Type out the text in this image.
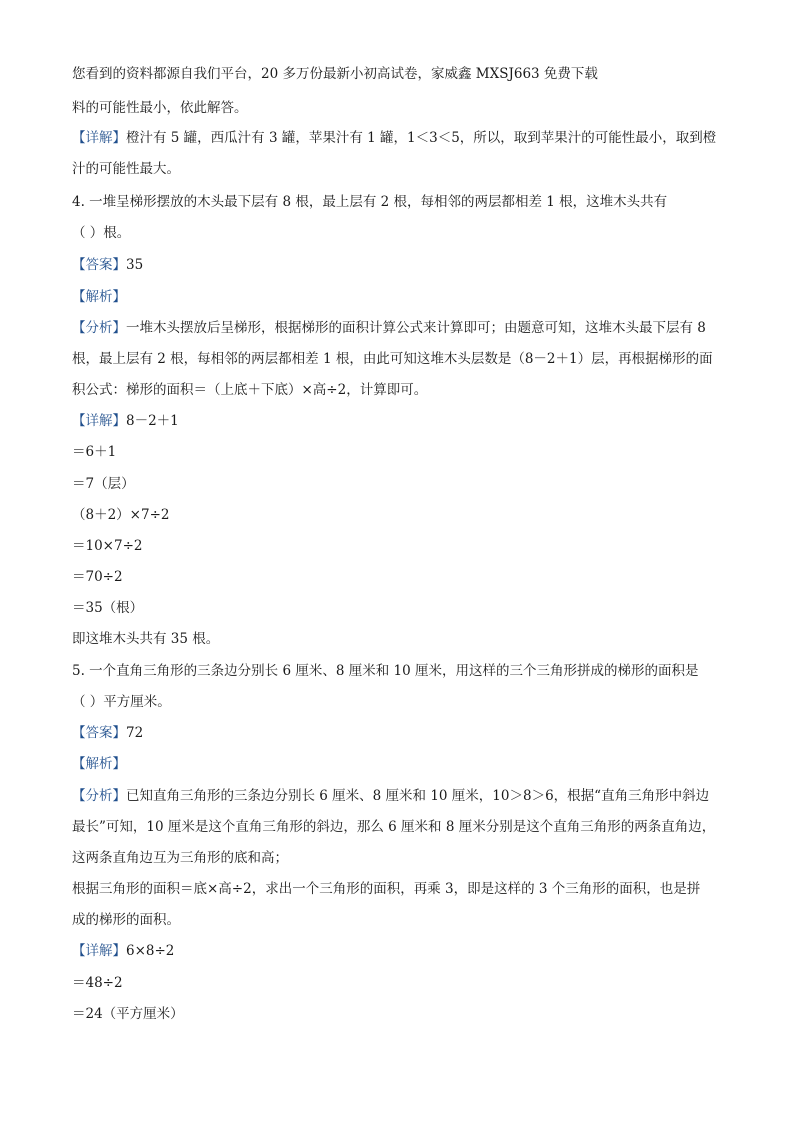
您看到的资料都源自我们平台，20 多万份最新小初高试卷，家威鑫 MXSJ663 免费下载
料的可能性最小，依此解答。
【详解】橙汁有 5 罐，西瓜汁有 3 罐，苹果汁有 1 罐，1＜3＜5，所以，取到苹果汁的可能性最小，取到橙
汁的可能性最大。
4. 一堆呈梯形摆放的木头最下层有 8 根，最上层有 2 根，每相邻的两层都相差 1 根，这堆木头共有
（ ）根。
【答案】35
【解析】
【分析】一堆木头摆放后呈梯形，根据梯形的面积计算公式来计算即可；由题意可知，这堆木头最下层有 8
根，最上层有 2 根，每相邻的两层都相差 1 根，由此可知这堆木头层数是（8－2＋1）层，再根据梯形的面
积公式：梯形的面积＝（上底＋下底）×高÷2，计算即可。
【详解】8－2＋1
＝6＋1
＝7（层）
（8＋2）×7÷2
＝10×7÷2
＝70÷2
＝35（根）
即这堆木头共有 35 根。
5. 一个直角三角形的三条边分别长 6 厘米、8 厘米和 10 厘米，用这样的三个三角形拼成的梯形的面积是
（ ）平方厘米。
【答案】72
【解析】
【分析】已知直角三角形的三条边分别长 6 厘米、8 厘米和 10 厘米，10＞8＞6，根据“直角三角形中斜边
最长”可知，10 厘米是这个直角三角形的斜边，那么 6 厘米和 8 厘米分别是这个直角三角形的两条直角边，
这两条直角边互为三角形的底和高；
根据三角形的面积＝底×高÷2，求出一个三角形的面积，再乘 3，即是这样的 3 个三角形的面积，也是拼
成的梯形的面积。
【详解】6×8÷2
＝48÷2
＝24（平方厘米）
